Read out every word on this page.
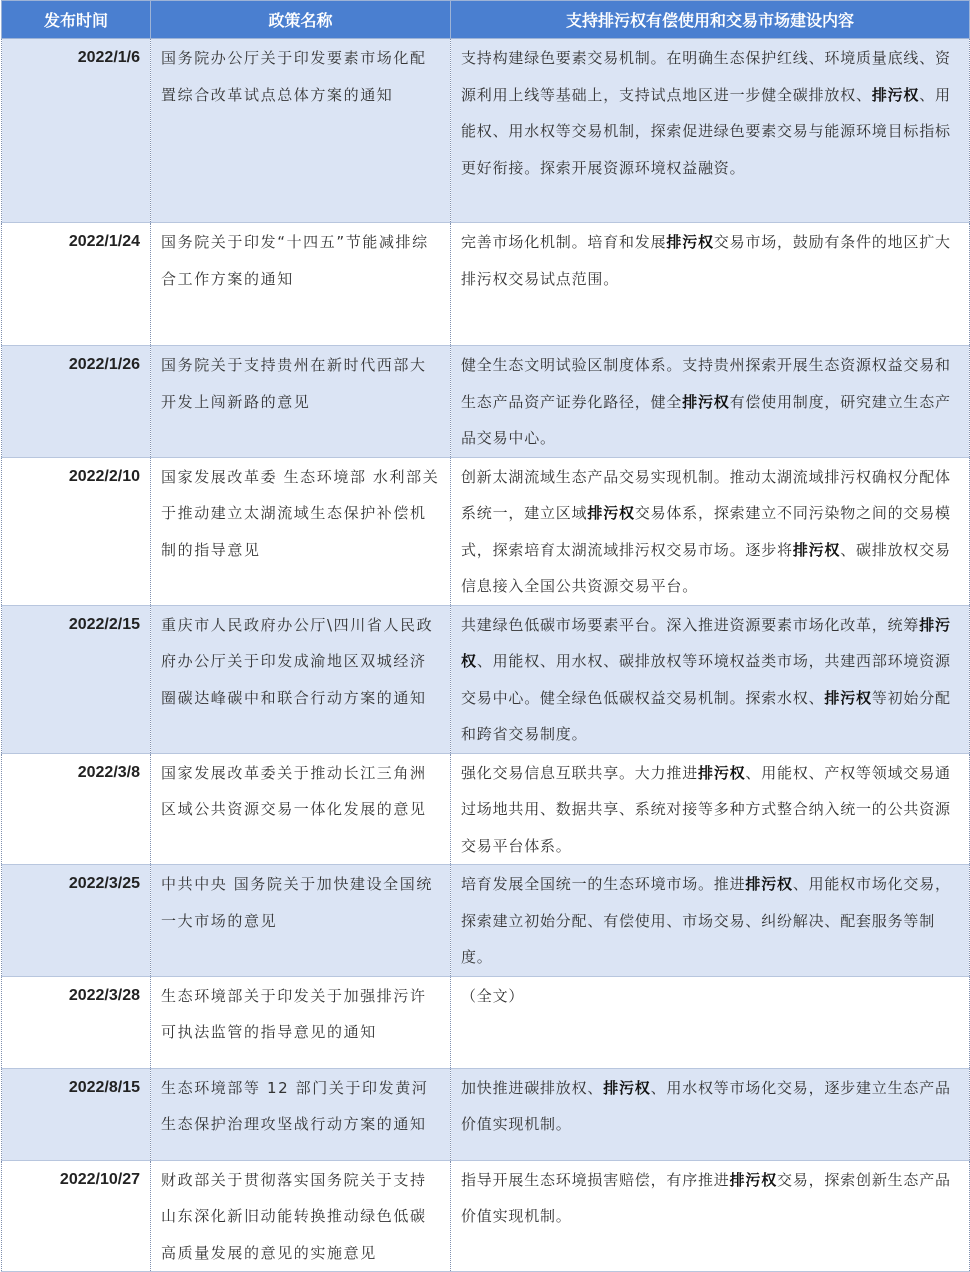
发布时间	政策名称	支持排污权有偿使用和交易市场建设内容
2022/1/6	国务院办公厅关于印发要素市场化配置综合改革试点总体方案的通知	支持构建绿色要素交易机制。在明确生态保护红线、环境质量底线、资源利用上线等基础上，支持试点地区进一步健全碳排放权、排污权、用能权、用水权等交易机制，探索促进绿色要素交易与能源环境目标指标更好衔接。探索开展资源环境权益融资。
2022/1/24	国务院关于印发“十四五”节能减排综合工作方案的通知	完善市场化机制。培育和发展排污权交易市场，鼓励有条件的地区扩大排污权交易试点范围。
2022/1/26	国务院关于支持贵州在新时代西部大开发上闯新路的意见	健全生态文明试验区制度体系。支持贵州探索开展生态资源权益交易和生态产品资产证券化路径，健全排污权有偿使用制度，研究建立生态产品交易中心。
2022/2/10	国家发展改革委 生态环境部 水利部关于推动建立太湖流域生态保护补偿机制的指导意见	创新太湖流域生态产品交易实现机制。推动太湖流域排污权确权分配体系统一，建立区域排污权交易体系，探索建立不同污染物之间的交易模式，探索培育太湖流域排污权交易市场。逐步将排污权、碳排放权交易信息接入全国公共资源交易平台。
2022/2/15	重庆市人民政府办公厅\四川省人民政府办公厅关于印发成渝地区双城经济圈碳达峰碳中和联合行动方案的通知	共建绿色低碳市场要素平台。深入推进资源要素市场化改革，统筹排污权、用能权、用水权、碳排放权等环境权益类市场，共建西部环境资源交易中心。健全绿色低碳权益交易机制。探索水权、排污权等初始分配和跨省交易制度。
2022/3/8	国家发展改革委关于推动长江三角洲区域公共资源交易一体化发展的意见	强化交易信息互联共享。大力推进排污权、用能权、产权等领域交易通过场地共用、数据共享、系统对接等多种方式整合纳入统一的公共资源交易平台体系。
2022/3/25	中共中央 国务院关于加快建设全国统一大市场的意见	培育发展全国统一的生态环境市场。推进排污权、用能权市场化交易，探索建立初始分配、有偿使用、市场交易、纠纷解决、配套服务等制度。
2022/3/28	生态环境部关于印发关于加强排污许可执法监管的指导意见的通知	（全文）
2022/8/15	生态环境部等 12 部门关于印发黄河生态保护治理攻坚战行动方案的通知	加快推进碳排放权、排污权、用水权等市场化交易，逐步建立生态产品价值实现机制。
2022/10/27	财政部关于贯彻落实国务院关于支持山东深化新旧动能转换推动绿色低碳高质量发展的意见的实施意见	指导开展生态环境损害赔偿，有序推进排污权交易，探索创新生态产品价值实现机制。
